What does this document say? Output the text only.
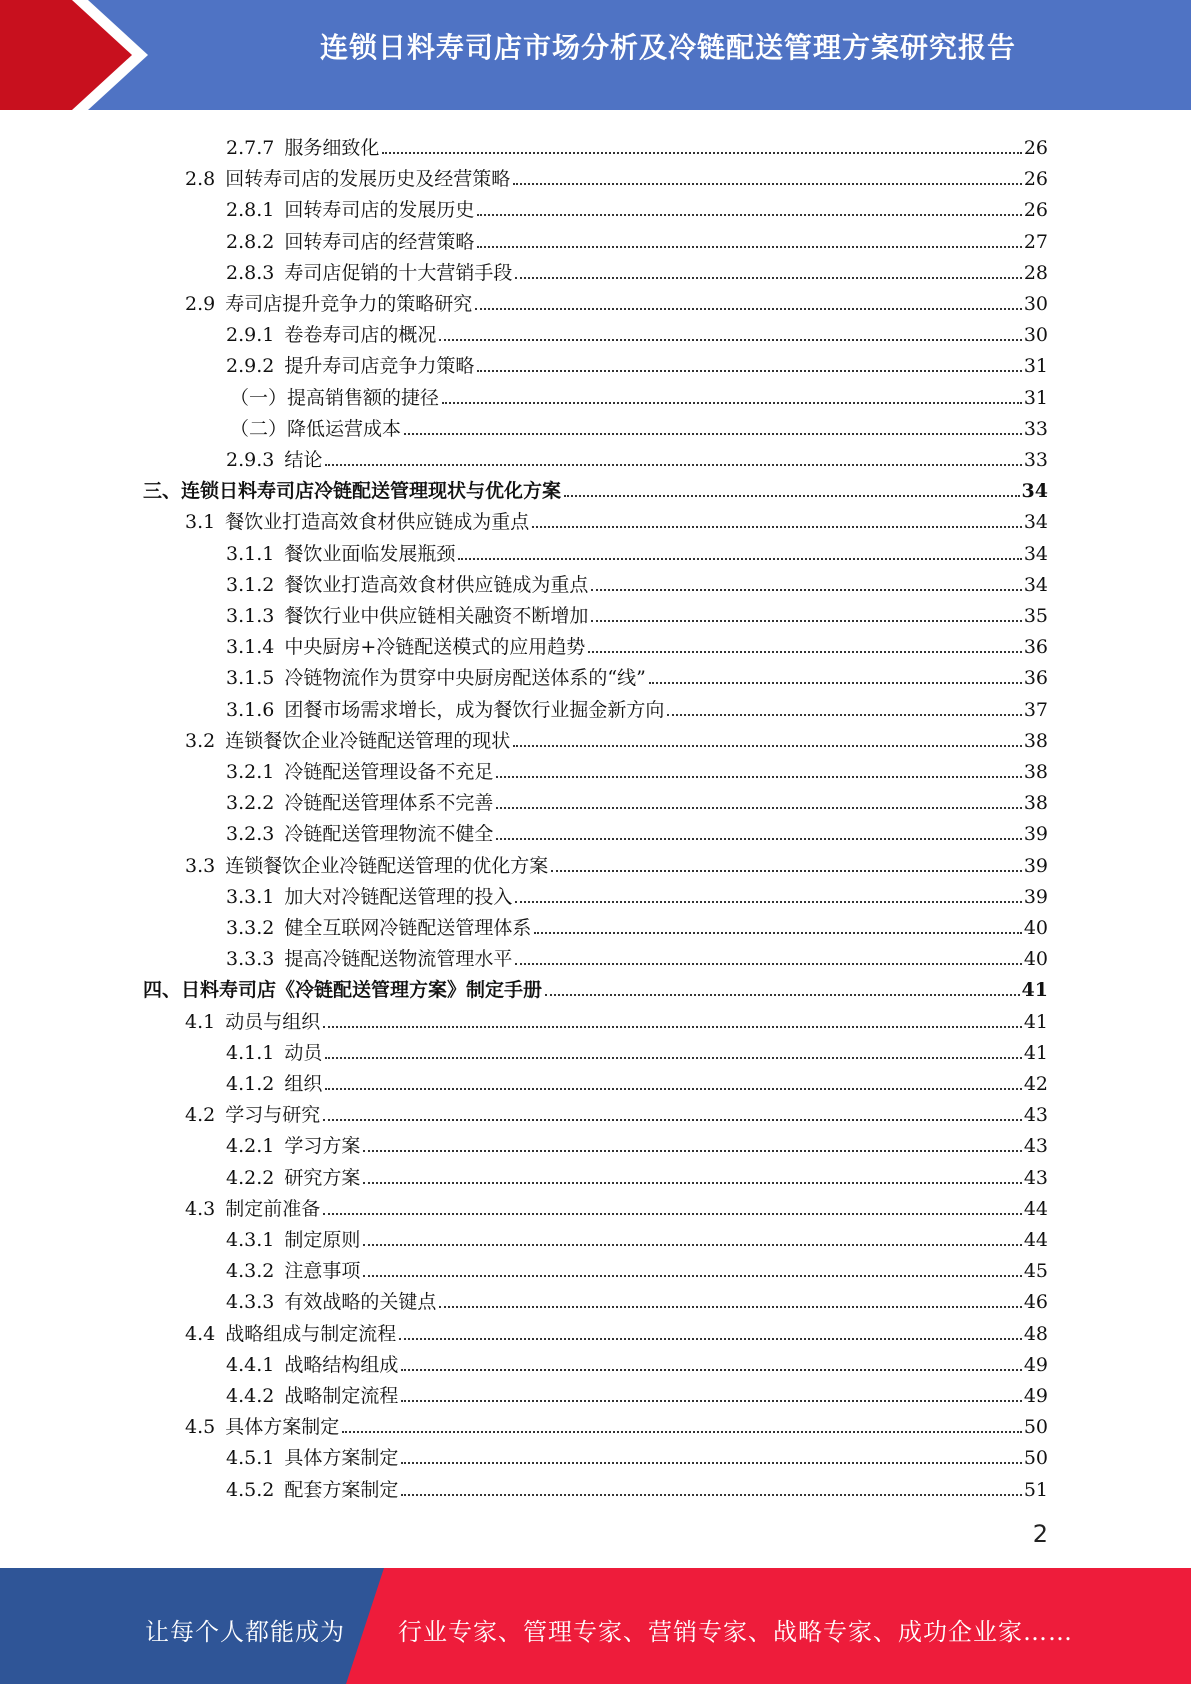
连锁日料寿司店市场分析及冷链配送管理方案研究报告
2.7.7 服务细致化	26
2.8 回转寿司店的发展历史及经营策略	26
2.8.1 回转寿司店的发展历史	26
2.8.2 回转寿司店的经营策略	27
2.8.3 寿司店促销的十大营销手段	28
2.9 寿司店提升竞争力的策略研究	30
2.9.1 卷卷寿司店的概况	30
2.9.2 提升寿司店竞争力策略	31
（一）提高销售额的捷径	31
（二）降低运营成本	33
2.9.3 结论	33
三、连锁日料寿司店冷链配送管理现状与优化方案	34
3.1 餐饮业打造高效食材供应链成为重点	34
3.1.1 餐饮业面临发展瓶颈	34
3.1.2 餐饮业打造高效食材供应链成为重点	34
3.1.3 餐饮行业中供应链相关融资不断增加	35
3.1.4 中央厨房+冷链配送模式的应用趋势	36
3.1.5 冷链物流作为贯穿中央厨房配送体系的“线”	36
3.1.6 团餐市场需求增长，成为餐饮行业掘金新方向	37
3.2 连锁餐饮企业冷链配送管理的现状	38
3.2.1 冷链配送管理设备不充足	38
3.2.2 冷链配送管理体系不完善	38
3.2.3 冷链配送管理物流不健全	39
3.3 连锁餐饮企业冷链配送管理的优化方案	39
3.3.1 加大对冷链配送管理的投入	39
3.3.2 健全互联网冷链配送管理体系	40
3.3.3 提高冷链配送物流管理水平	40
四、日料寿司店《冷链配送管理方案》制定手册	41
4.1 动员与组织	41
4.1.1 动员	41
4.1.2 组织	42
4.2 学习与研究	43
4.2.1 学习方案	43
4.2.2 研究方案	43
4.3 制定前准备	44
4.3.1 制定原则	44
4.3.2 注意事项	45
4.3.3 有效战略的关键点	46
4.4 战略组成与制定流程	48
4.4.1 战略结构组成	49
4.4.2 战略制定流程	49
4.5 具体方案制定	50
4.5.1 具体方案制定	50
4.5.2 配套方案制定	51
2
让每个人都能成为 行业专家、管理专家、营销专家、战略专家、成功企业家……
